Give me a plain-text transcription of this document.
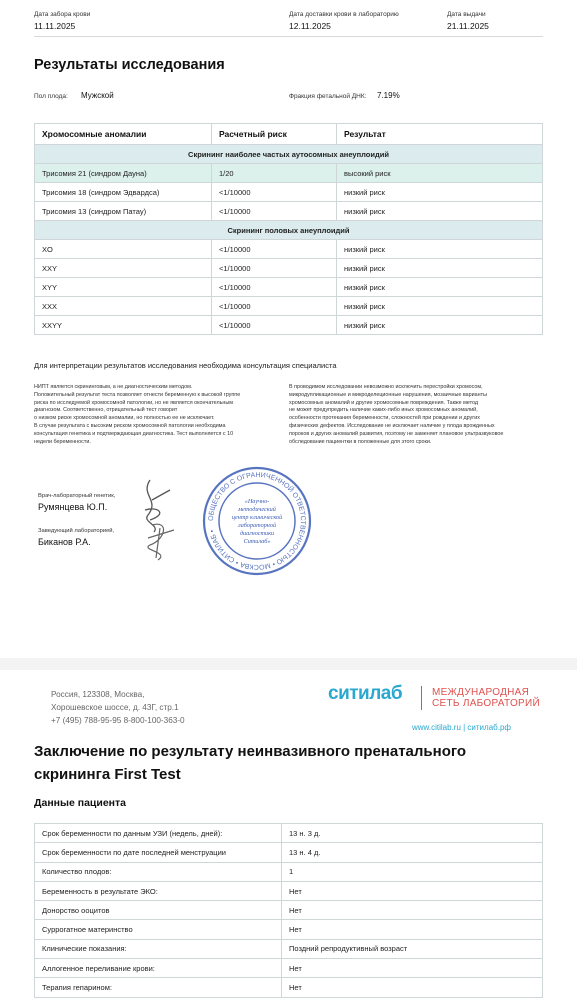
Дата забора крови
11.11.2025
Дата доставки крови в лабораторию
12.11.2025
Дата выдачи
21.11.2025
Результаты исследования
Пол плода: Мужской	Фракция фетальной ДНК: 7.19%
Хромосомные аномалии	Расчетный риск	Результат
Скрининг наиболее частых аутосомных анеуплоидий		
Трисомия 21 (синдром Дауна)	1/20	высокий риск
Трисомия 18 (синдром Эдвардса)	<1/10000	низкий риск
Трисомия 13 (синдром Патау)	<1/10000	низкий риск
Скрининг половых анеуплоидий		
XO	<1/10000	низкий риск
XXY	<1/10000	низкий риск
XYY	<1/10000	низкий риск
XXX	<1/10000	низкий риск
XXYY	<1/10000	низкий риск
Для интерпретации результатов исследования необходима консультация специалиста
НИПТ является скрининговым, а не диагностическим методом.
Положительный результат теста позволяет отнести беременную к высокой группе
риска по исследуемой хромосомной патологии, но не является окончательным
диагнозом. Соответственно, отрицательный тест говорит
о низком риске хромосомной аномалии, но полностью ее не исключает.
В случае результата с высоким риском хромосомной патологии необходима
консультация генетика и подтверждающая диагностика. Тест выполняется с 10
недели беременности.
В проводимом исследовании невозможно исключить перестройки хромосом,
микродупликационные и микроделеционные нарушения, мозаичные варианты
хромосомных аномалий и другие хромосомные повреждения. Также метод
не может предупредить наличие каких-либо иных хромосомных аномалий,
особенности протекания беременности, сложностей при рождении и других
физических дефектов. Исследование не исключает наличие у плода врожденных
пороков и других аномалий развития, поэтому не заменяет плановое ультразвуковое
обследование пациентки в положенные для этого сроки.
Врач-лабораторный генетик,
Румянцева Ю.П.
Заведующий лабораторией,
Биканов Р.А.
ОБЩЕСТВО С ОГРАНИЧЕННОЙ ОТВЕТСТВЕННОСТЬЮ • МОСКВА • СИТИЛАБ •
«Научно-
методический
центр клинической
лабораторной
диагностики
Ситилаб»
Россия, 123308, Москва,
Хорошевское шоссе, д. 43Г, стр.1
+7 (495) 788-95-95 8-800-100-363-0
ситилаб	МЕЖДУНАРОДНАЯ
СЕТЬ ЛАБОРАТОРИЙ
www.citilab.ru | ситилаб.рф
Заключение по результату неинвазивного пренатального скрининга First Test
Данные пациента
Срок беременности по данным УЗИ (недель, дней):	13 н. 3 д.
Срок беременности по дате последней менструации	13 н. 4 д.
Количество плодов:	1
Беременность в результате ЭКО:	Нет
Донорство ооцитов	Нет
Суррогатное материнство	Нет
Клинические показания:	Поздний репродуктивный возраст
Аллогенное переливание крови:	Нет
Терапия гепарином:	Нет
